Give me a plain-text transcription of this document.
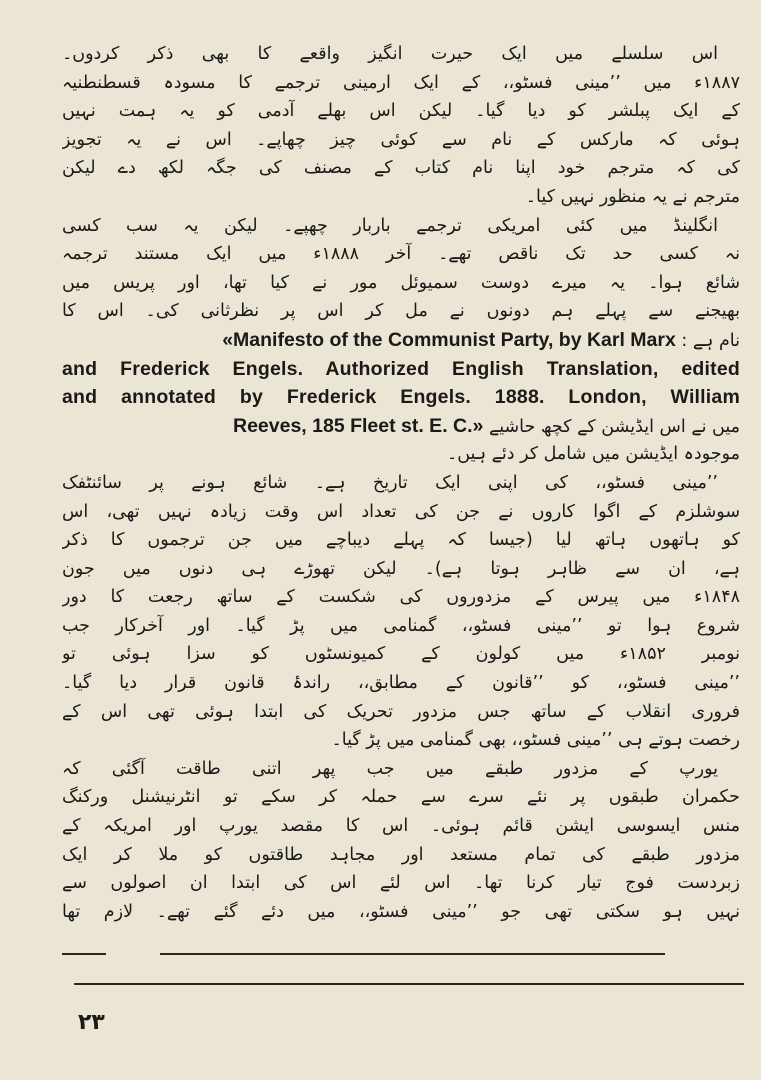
اس سلسلے میں ایک حیرت انگیز واقعے کا بھی ذکر کردوں۔
۱۸۸۷ء میں ’’مینی فسٹو،، کے ایک ارمینی ترجمے کا مسودہ قسطنطنیہ
کے ایک پبلشر کو دیا گیا۔ لیکن اس بھلے آدمی کو یہ ہمت نہیں
ہوئی کہ مارکس کے نام سے کوئی چیز چھاپے۔ اس نے یہ تجویز
کی کہ مترجم خود اپنا نام کتاب کے مصنف کی جگہ لکھ دے لیکن
مترجم نے یہ منظور نہیں کیا۔
انگلینڈ میں کئی امریکی ترجمے باربار چھپے۔ لیکن یہ سب کسی
نہ کسی حد تک ناقص تھے۔ آخر ۱۸۸۸ء میں ایک مستند ترجمہ
شائع ہوا۔ یہ میرے دوست سمیوئل مور نے کیا تھا، اور پریس میں
بھیجنے سے پہلے ہم دونوں نے مل کر اس پر نظرثانی کی۔ اس کا
نام ہے : «Manifesto of the Communist Party, by Karl Marx
and Frederick Engels. Authorized English Translation, edited
and annotated by Frederick Engels. 1888. London, William
میں نے اس ایڈیشن کے کچھ حاشیے Reeves, 185 Fleet st. E. C.»
موجودہ ایڈیشن میں شامل کر دئے ہیں۔
’’مینی فسٹو،، کی اپنی ایک تاریخ ہے۔ شائع ہونے پر سائنٹفک
سوشلزم کے اگوا کاروں نے جن کی تعداد اس وقت زیادہ نہیں تھی، اس
کو ہاتھوں ہاتھ لیا (جیسا کہ پہلے دیباچے میں جن ترجموں کا ذکر
ہے، ان سے ظاہر ہوتا ہے)۔ لیکن تھوڑے ہی دنوں میں جون
۱۸۴۸ء میں پیرس کے مزدوروں کی شکست کے ساتھ رجعت کا دور
شروع ہوا تو ’’مینی فسٹو،، گمنامی میں پڑ گیا۔ اور آخرکار جب
نومبر ۱۸۵۲ء میں کولون کے کمیونسٹوں کو سزا ہوئی تو
’’مینی فسٹو،، کو ’’قانون کے مطابق،، راندۂ قانون قرار دیا گیا۔
فروری انقلاب کے ساتھ جس مزدور تحریک کی ابتدا ہوئی تھی اس کے
رخصت ہوتے ہی ’’مینی فسٹو،، بھی گمنامی میں پڑ گیا۔
یورپ کے مزدور طبقے میں جب پھر اتنی طاقت آگئی کہ
حکمران طبقوں پر نئے سرے سے حملہ کر سکے تو انٹرنیشنل ورکنگ
منس ایسوسی ایشن قائم ہوئی۔ اس کا مقصد یورپ اور امریکہ کے
مزدور طبقے کی تمام مستعد اور مجاہد طاقتوں کو ملا کر ایک
زبردست فوج تیار کرنا تھا۔ اس لئے اس کی ابتدا ان اصولوں سے
نہیں ہو سکتی تھی جو ’’مینی فسٹو،، میں دئے گئے تھے۔ لازم تھا
۲۳
